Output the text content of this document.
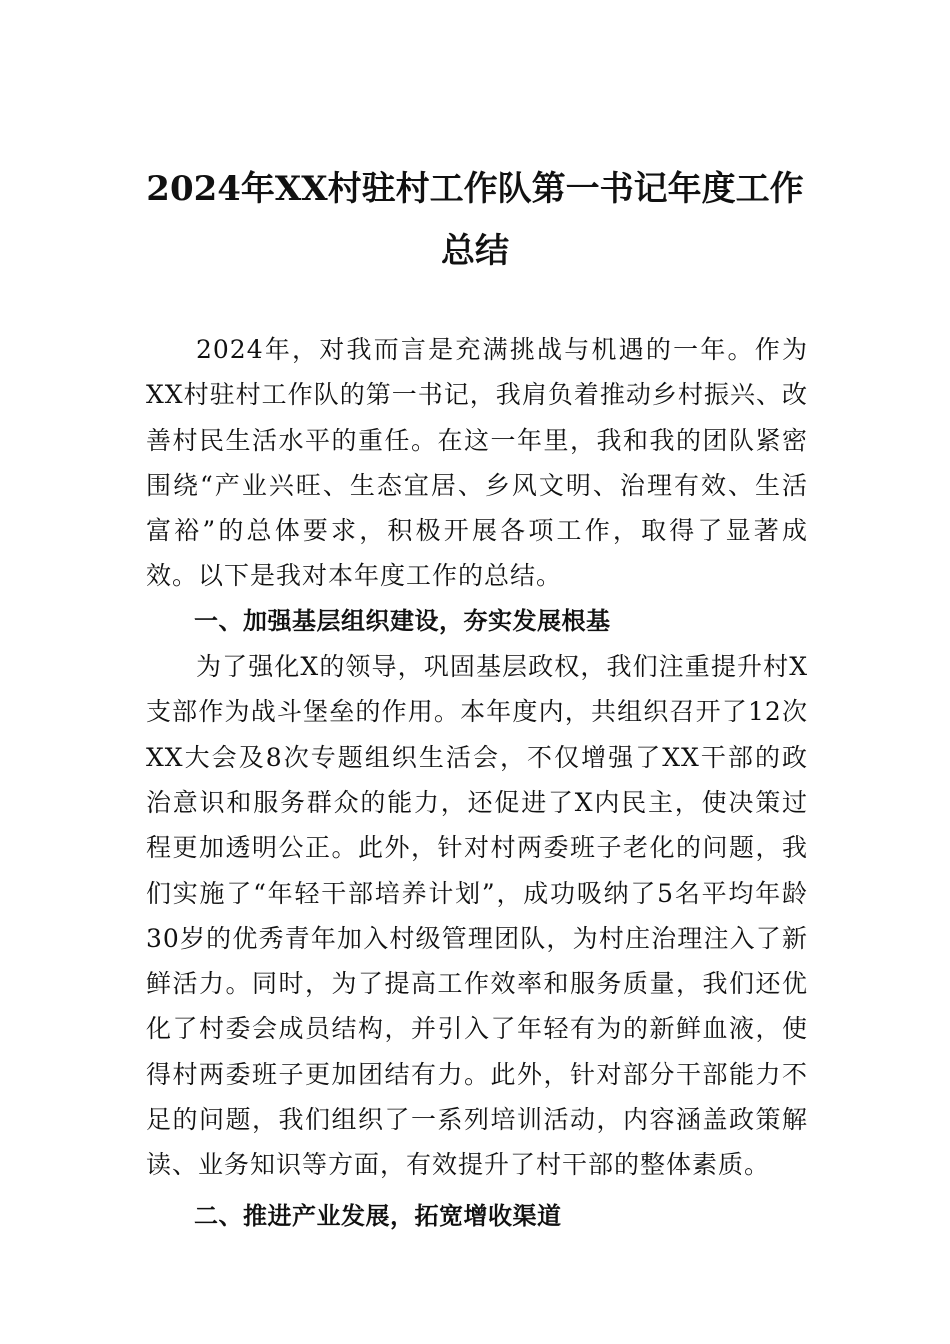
2024年XX村驻村工作队第一书记年度工作总结

2024年，对我而言是充满挑战与机遇的一年。作为XX村驻村工作队的第一书记，我肩负着推动乡村振兴、改善村民生活水平的重任。在这一年里，我和我的团队紧密围绕“产业兴旺、生态宜居、乡风文明、治理有效、生活富裕”的总体要求，积极开展各项工作，取得了显著成效。以下是我对本年度工作的总结。

一、加强基层组织建设，夯实发展根基

为了强化X的领导，巩固基层政权，我们注重提升村X支部作为战斗堡垒的作用。本年度内，共组织召开了12次XX大会及8次专题组织生活会，不仅增强了XX干部的政治意识和服务群众的能力，还促进了X内民主，使决策过程更加透明公正。此外，针对村两委班子老化的问题，我们实施了“年轻干部培养计划”，成功吸纳了5名平均年龄30岁的优秀青年加入村级管理团队，为村庄治理注入了新鲜活力。同时，为了提高工作效率和服务质量，我们还优化了村委会成员结构，并引入了年轻有为的新鲜血液，使得村两委班子更加团结有力。此外，针对部分干部能力不足的问题，我们组织了一系列培训活动，内容涵盖政策解读、业务知识等方面，有效提升了村干部的整体素质。

二、推进产业发展，拓宽增收渠道
